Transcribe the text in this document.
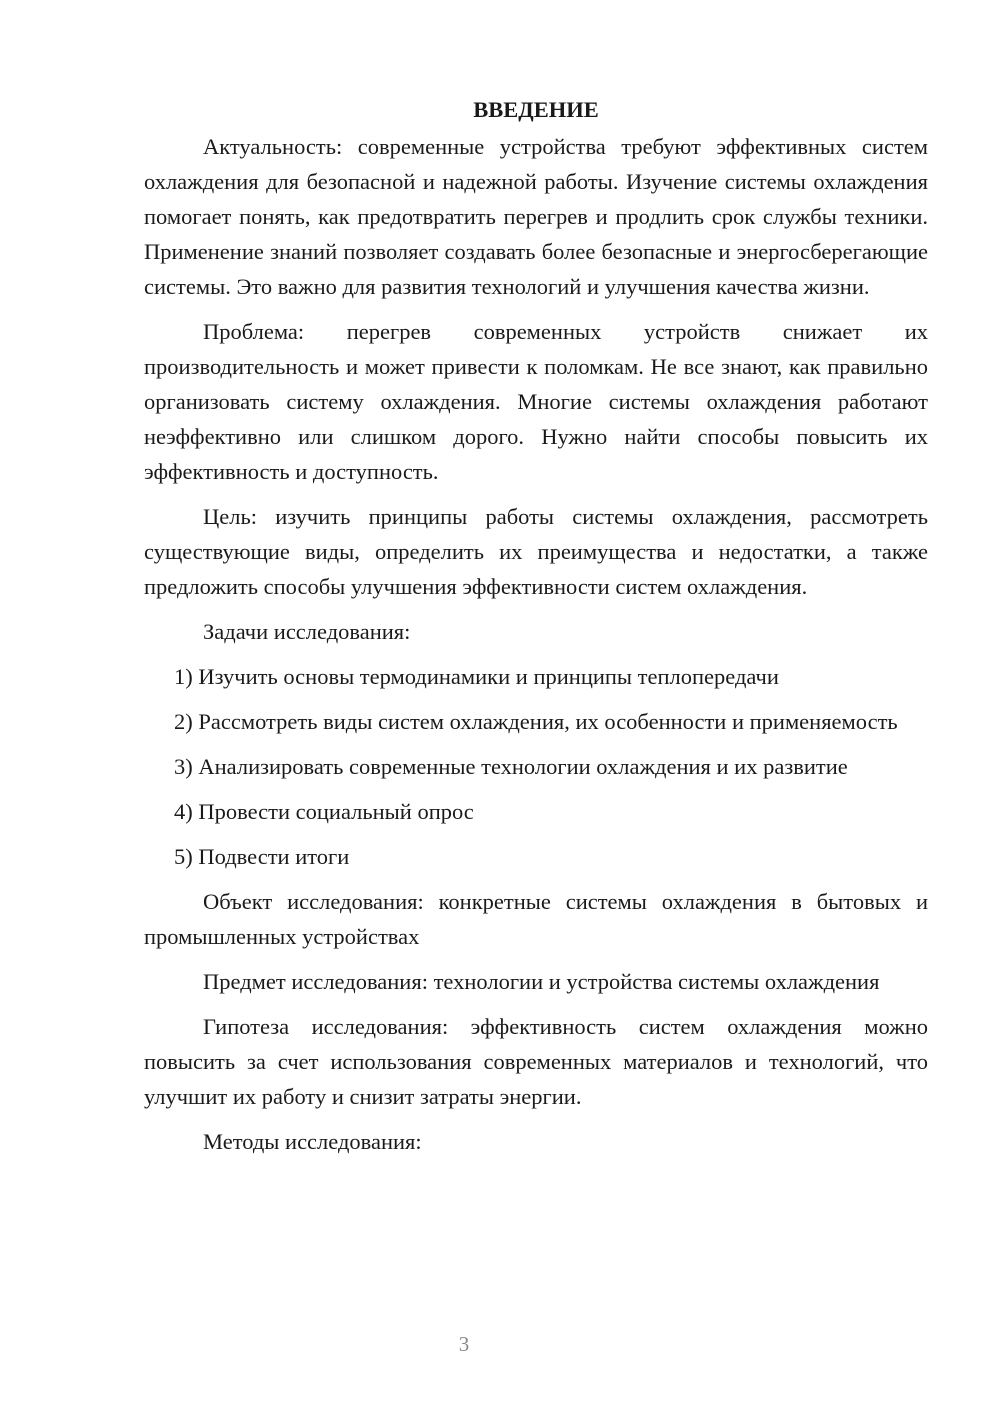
ВВЕДЕНИЕ

Актуальность: современные устройства требуют эффективных систем охлаждения для безопасной и надежной работы. Изучение системы охлаждения помогает понять, как предотвратить перегрев и продлить срок службы техники. Применение знаний позволяет создавать более безопасные и энергосберегающие системы. Это важно для развития технологий и улучшения качества жизни.

Проблема: перегрев современных устройств снижает их производительность и может привести к поломкам. Не все знают, как правильно организовать систему охлаждения. Многие системы охлаждения работают неэффективно или слишком дорого. Нужно найти способы повысить их эффективность и доступность.

Цель: изучить принципы работы системы охлаждения, рассмотреть существующие виды, определить их преимущества и недостатки, а также предложить способы улучшения эффективности систем охлаждения.

Задачи исследования:

1) Изучить основы термодинамики и принципы теплопередачи

2) Рассмотреть виды систем охлаждения, их особенности и применяемость

3) Анализировать современные технологии охлаждения и их развитие

4) Провести социальный опрос

5) Подвести итоги

Объект исследования: конкретные системы охлаждения в бытовых и промышленных устройствах

Предмет исследования: технологии и устройства системы охлаждения

Гипотеза исследования: эффективность систем охлаждения можно повысить за счет использования современных материалов и технологий, что улучшит их работу и снизит затраты энергии.

Методы исследования:

3
